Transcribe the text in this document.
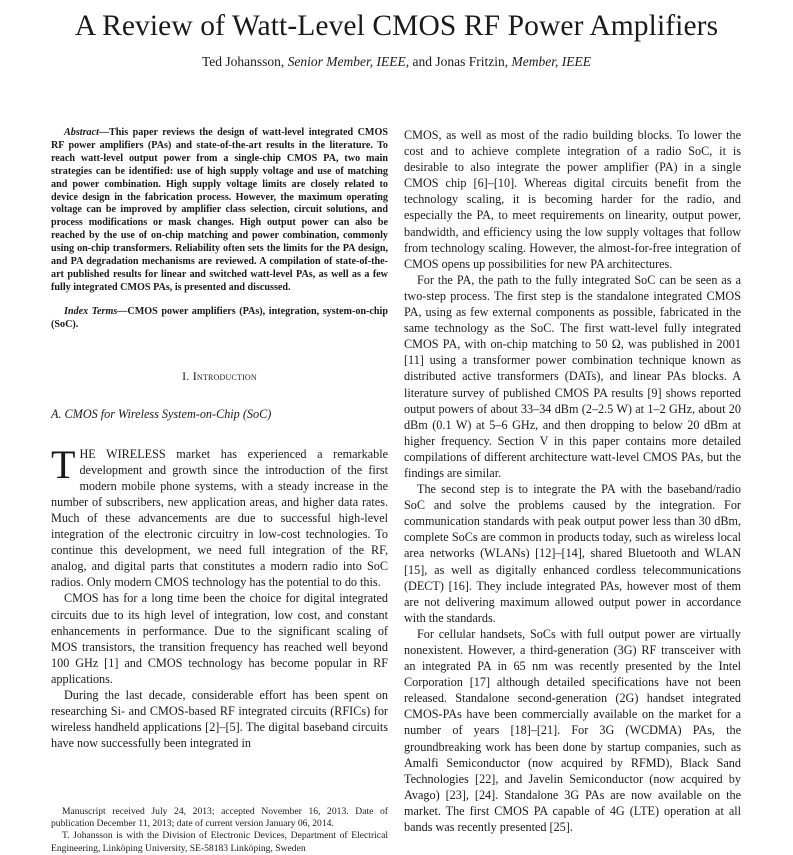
A Review of Watt-Level CMOS RF Power Amplifiers
Ted Johansson, Senior Member, IEEE, and Jonas Fritzin, Member, IEEE

Abstract—This paper reviews the design of watt-level integrated CMOS RF power amplifiers (PAs) and state-of-the-art results in the literature. To reach watt-level output power from a single-chip CMOS PA, two main strategies can be identified: use of high supply voltage and use of matching and power combination. High supply voltage limits are closely related to device design in the fabrication process. However, the maximum operating voltage can be improved by amplifier class selection, circuit solutions, and process modifications or mask changes. High output power can also be reached by the use of on-chip matching and power combination, commonly using on-chip transformers. Reliability often sets the limits for the PA design, and PA degradation mechanisms are reviewed. A compilation of state-of-the-art published results for linear and switched watt-level PAs, as well as a few fully integrated CMOS PAs, is presented and discussed.

Index Terms—CMOS power amplifiers (PAs), integration, system-on-chip (SoC).

I. Introduction
A. CMOS for Wireless System-on-Chip (SoC)

THE WIRELESS market has experienced a remarkable development and growth since the introduction of the first modern mobile phone systems, with a steady increase in the number of subscribers, new application areas, and higher data rates. Much of these advancements are due to successful high-level integration of the electronic circuitry in low-cost technologies. To continue this development, we need full integration of the RF, analog, and digital parts that constitutes a modern radio into SoC radios. Only modern CMOS technology has the potential to do this.

CMOS has for a long time been the choice for digital integrated circuits due to its high level of integration, low cost, and constant enhancements in performance. Due to the significant scaling of MOS transistors, the transition frequency has reached well beyond 100 GHz [1] and CMOS technology has become popular in RF applications.

During the last decade, considerable effort has been spent on researching Si- and CMOS-based RF integrated circuits (RFICs) for wireless handheld applications [2]–[5]. The digital baseband circuits have now successfully been integrated in

CMOS, as well as most of the radio building blocks. To lower the cost and to achieve complete integration of a radio SoC, it is desirable to also integrate the power amplifier (PA) in a single CMOS chip [6]–[10]. Whereas digital circuits benefit from the technology scaling, it is becoming harder for the radio, and especially the PA, to meet requirements on linearity, output power, bandwidth, and efficiency using the low supply voltages that follow from technology scaling. However, the almost-for-free integration of CMOS opens up possibilities for new PA architectures.

For the PA, the path to the fully integrated SoC can be seen as a two-step process. The first step is the standalone integrated CMOS PA, using as few external components as possible, fabricated in the same technology as the SoC. The first watt-level fully integrated CMOS PA, with on-chip matching to 50 Ω, was published in 2001 [11] using a transformer power combination technique known as distributed active transformers (DATs), and linear PAs blocks. A literature survey of published CMOS PA results [9] shows reported output powers of about 33–34 dBm (2–2.5 W) at 1–2 GHz, about 20 dBm (0.1 W) at 5–6 GHz, and then dropping to below 20 dBm at higher frequency. Section V in this paper contains more detailed compilations of different architecture watt-level CMOS PAs, but the findings are similar.

The second step is to integrate the PA with the baseband/radio SoC and solve the problems caused by the integration. For communication standards with peak output power less than 30 dBm, complete SoCs are common in products today, such as wireless local area networks (WLANs) [12]–[14], shared Bluetooth and WLAN [15], as well as digitally enhanced cordless telecommunications (DECT) [16]. They include integrated PAs, however most of them are not delivering maximum allowed output power in accordance with the standards.

For cellular handsets, SoCs with full output power are virtually nonexistent. However, a third-generation (3G) RF transceiver with an integrated PA in 65 nm was recently presented by the Intel Corporation [17] although detailed specifications have not been released. Standalone second-generation (2G) handset integrated CMOS-PAs have been commercially available on the market for a number of years [18]–[21]. For 3G (WCDMA) PAs, the groundbreaking work has been done by startup companies, such as Amalfi Semiconductor (now acquired by RFMD), Black Sand Technologies [22], and Javelin Semiconductor (now acquired by Avago) [23], [24]. Standalone 3G PAs are now available on the market. The first CMOS PA capable of 4G (LTE) operation at all bands was recently presented [25].

Manuscript received July 24, 2013; accepted November 16, 2013. Date of publication December 11, 2013; date of current version January 06, 2014.

T. Johansson is with the Division of Electronic Devices, Department of Electrical Engineering, Linköping University, SE-58183 Linköping, Sweden
